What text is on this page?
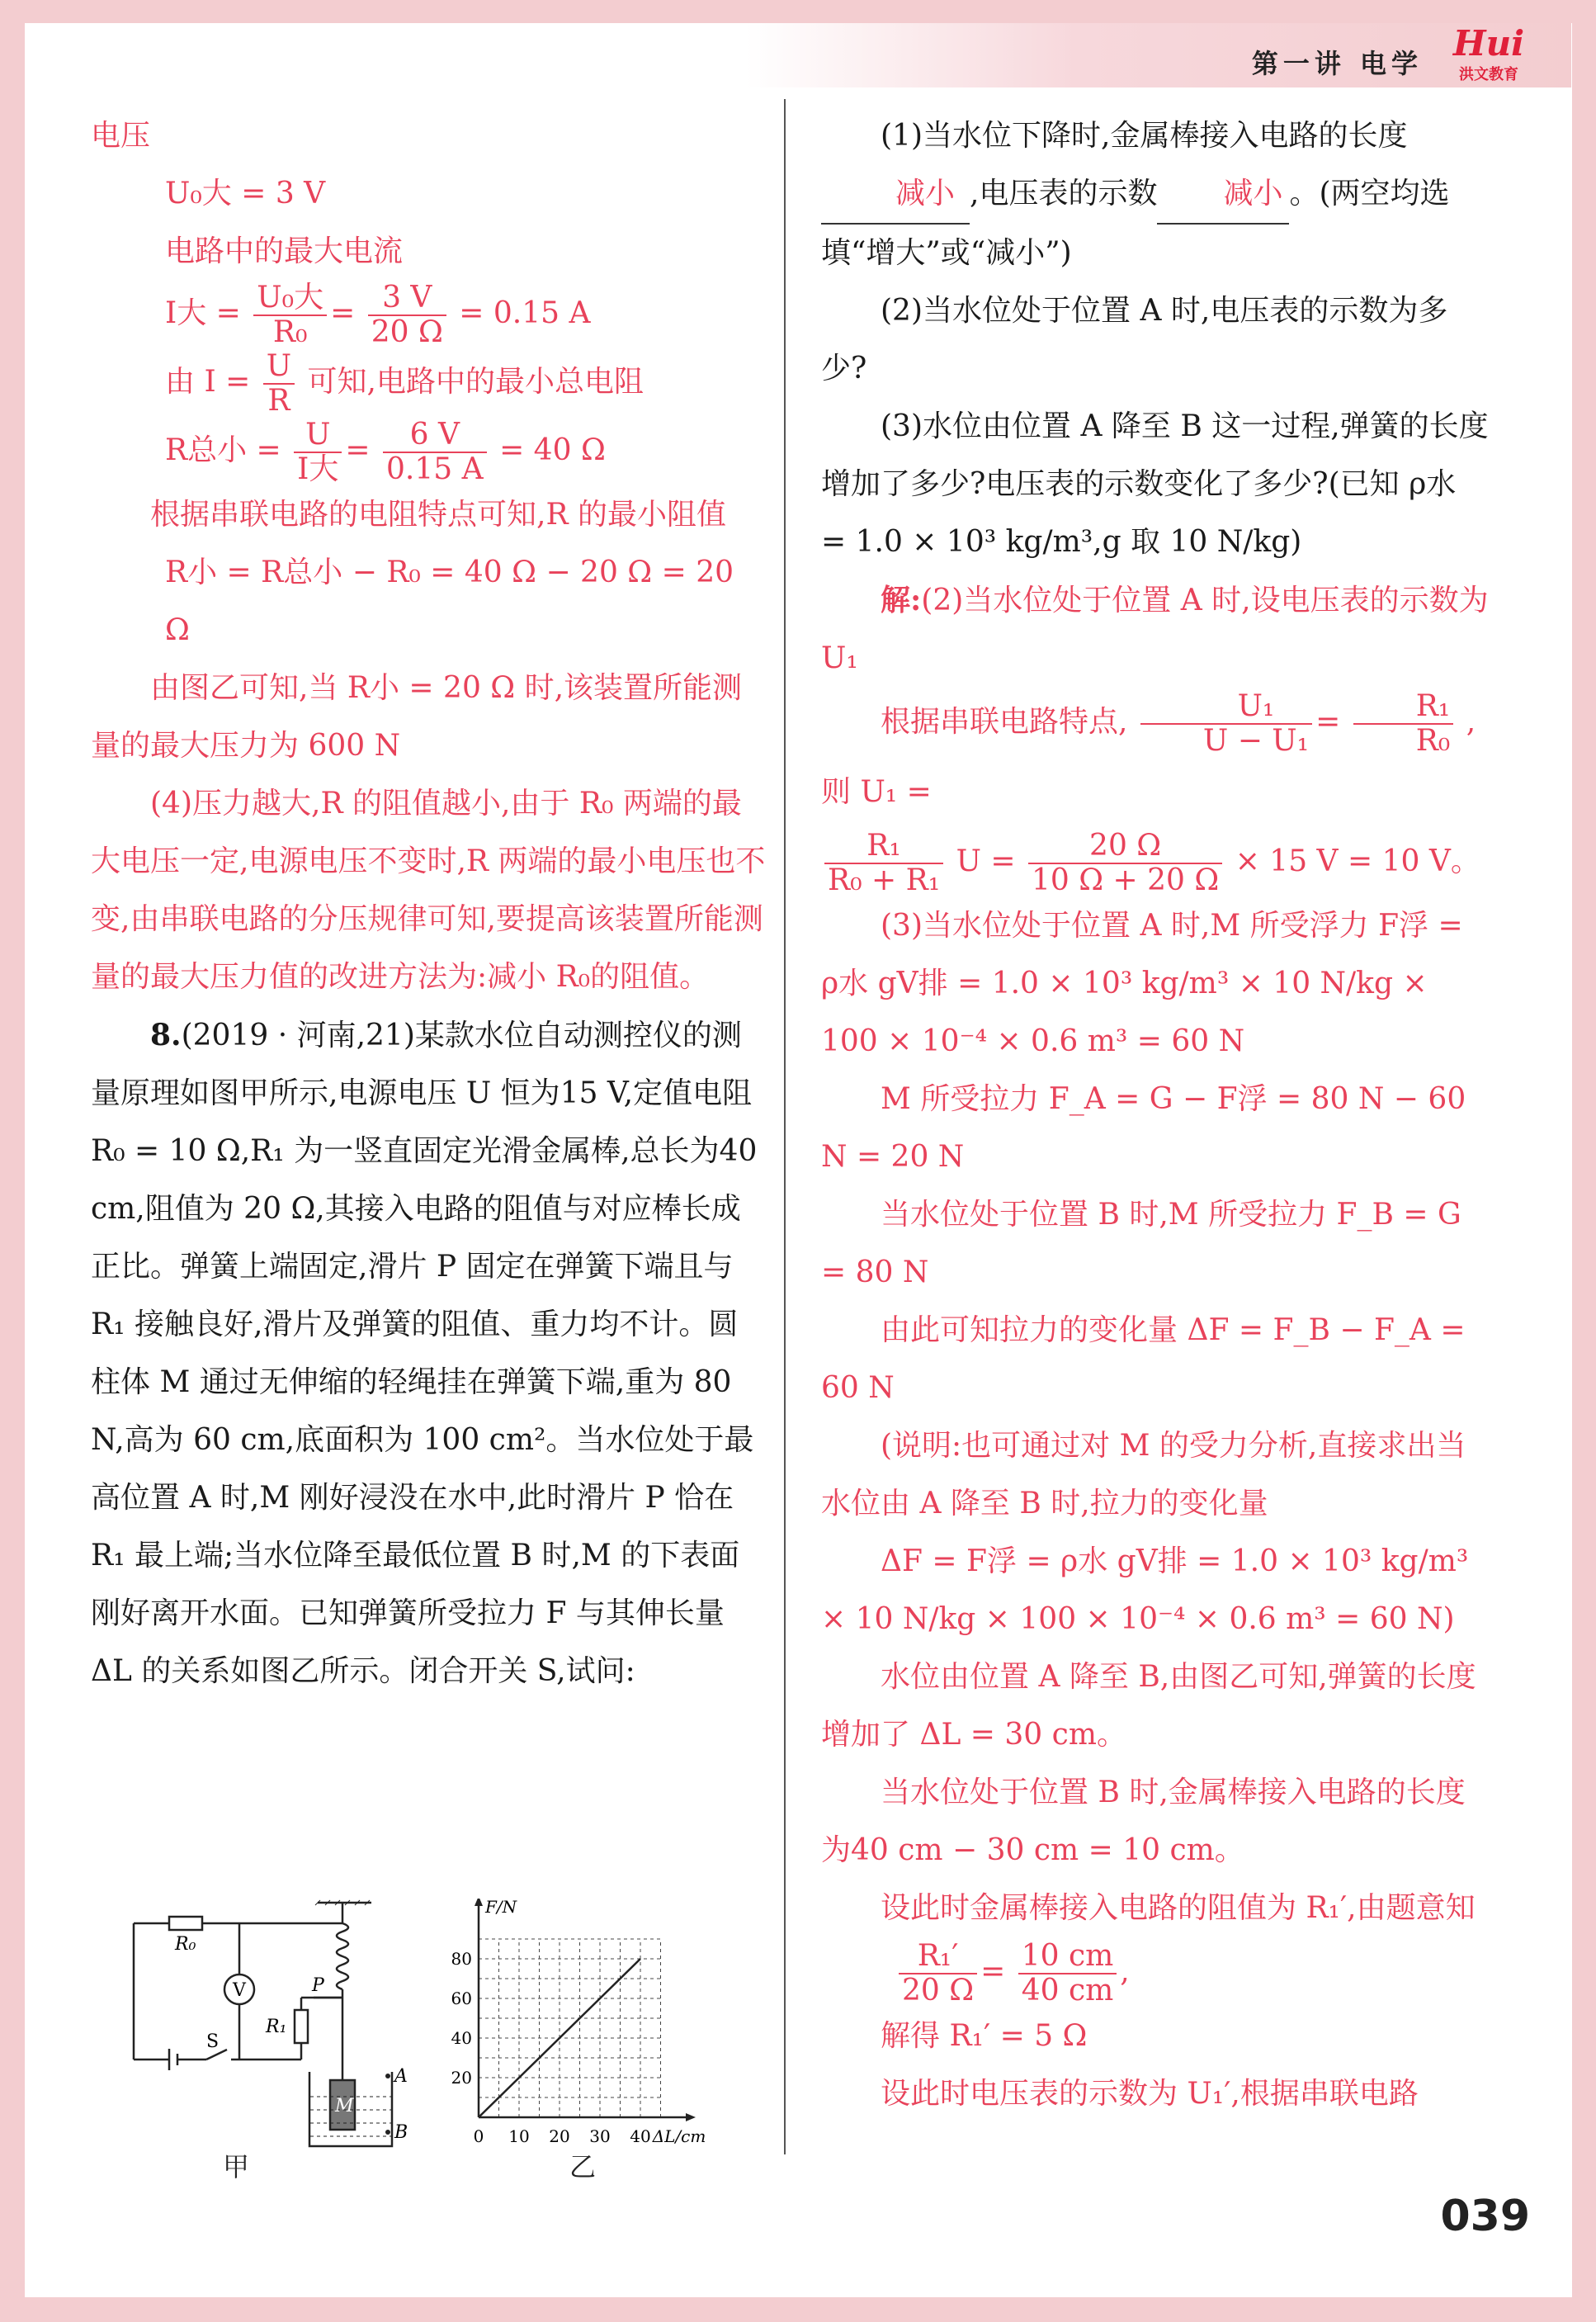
第一讲 电学 Hui
洪文教育

电压

U₀大 = 3 V

电路中的最大电流

I大 = $\frac{\text{U₀大}}{\text{R₀}} = \frac{3 V}{20 \Omega} = 0.15$ A

由 $I = \frac{U}{R}$ 可知,电路中的最小总电阻

R总小 = $\frac{U}{\text{I大}} = \frac{6 V}{0.15 A} = 40$ Ω

根据串联电路的电阻特点可知,R 的最小阻值

R小 = R总小 − R₀ = 40 Ω − 20 Ω = 20 Ω

由图乙可知,当 R小 = 20 Ω 时,该装置所能测量的最大压力为 600 N

(4)压力越大,R 的阻值越小,由于 R₀ 两端的最大电压一定,电源电压不变时,R 两端的最小电压也不变,由串联电路的分压规律可知,要提高该装置所能测量的最大压力值的改进方法为:减小 R₀的阻值。

8.(2019 · 河南,21)某款水位自动测控仪的测量原理如图甲所示,电源电压 U 恒为15 V,定值电阻R₀ = 10 Ω,R₁ 为一竖直固定光滑金属棒,总长为40 cm,阻值为 20 Ω,其接入电路的阻值与对应棒长成正比。弹簧上端固定,滑片 P 固定在弹簧下端且与 R₁ 接触良好,滑片及弹簧的阻值、重力均不计。圆柱体 M 通过无伸缩的轻绳挂在弹簧下端,重为 80 N,高为 60 cm,底面积为 100 cm²。当水位处于最高位置 A 时,M 刚好浸没在水中,此时滑片 P 恰在 R₁ 最上端;当水位降至最低位置 B 时,M 的下表面刚好离开水面。已知弹簧所受拉力 F 与其伸长量 ΔL 的关系如图乙所示。闭合开关 S,试问:

R₀
V	P
R₁
S
M
A
B
80
60
40
20
0 10 20 30 40
F/N
ΔL/cm
甲	乙

(1)当水位下降时,金属棒接入电路的长度 减小 ,电压表的示数 减小 。(两空均选填“增大”或“减小”)

(2)当水位处于位置 A 时,电压表的示数为多少?

(3)水位由位置 A 降至 B 这一过程,弹簧的长度增加了多少?电压表的示数变化了多少?(已知 ρ水 = 1.0 × 10³ kg/m³,g 取 10 N/kg)

解:(2)当水位处于位置 A 时,设电压表的示数为 U₁

根据串联电路特点, $\frac{\text{U₁}}{\text{U − U₁}} = \frac{\text{R₁}}{\text{R₀}}$ ,则 U₁ =

$\frac{\text{R₁}}{\text{R₀ + R₁}}$ $U = \frac{20 \Omega}{10 \Omega + 20 \Omega} \times 15$ V = 10 V。

(3)当水位处于位置 A 时,M 所受浮力 F浮 = ρ水 gV排 = 1.0 × 10³ kg/m³ × 10 N/kg × 100 × 10⁻⁴ × 0.6 m³ = 60 N

M 所受拉力 F_A = G − F浮 = 80 N − 60 N = 20 N

当水位处于位置 B 时,M 所受拉力 F_B = G = 80 N

由此可知拉力的变化量 ΔF = F_B − F_A = 60 N

(说明:也可通过对 M 的受力分析,直接求出当水位由 A 降至 B 时,拉力的变化量

ΔF = F浮 = ρ水 gV排 = 1.0 × 10³ kg/m³ × 10 N/kg × 100 × 10⁻⁴ × 0.6 m³ = 60 N)

水位由位置 A 降至 B,由图乙可知,弹簧的长度增加了 ΔL = 30 cm。

当水位处于位置 B 时,金属棒接入电路的长度为40 cm − 30 cm = 10 cm。

设此时金属棒接入电路的阻值为 R₁′,由题意知

$\frac{\text{R₁′}}{20 \Omega} = \frac{10 cm}{40 cm}$ ,

解得 R₁′ = 5 Ω

设此时电压表的示数为 U₁′,根据串联电路

039
